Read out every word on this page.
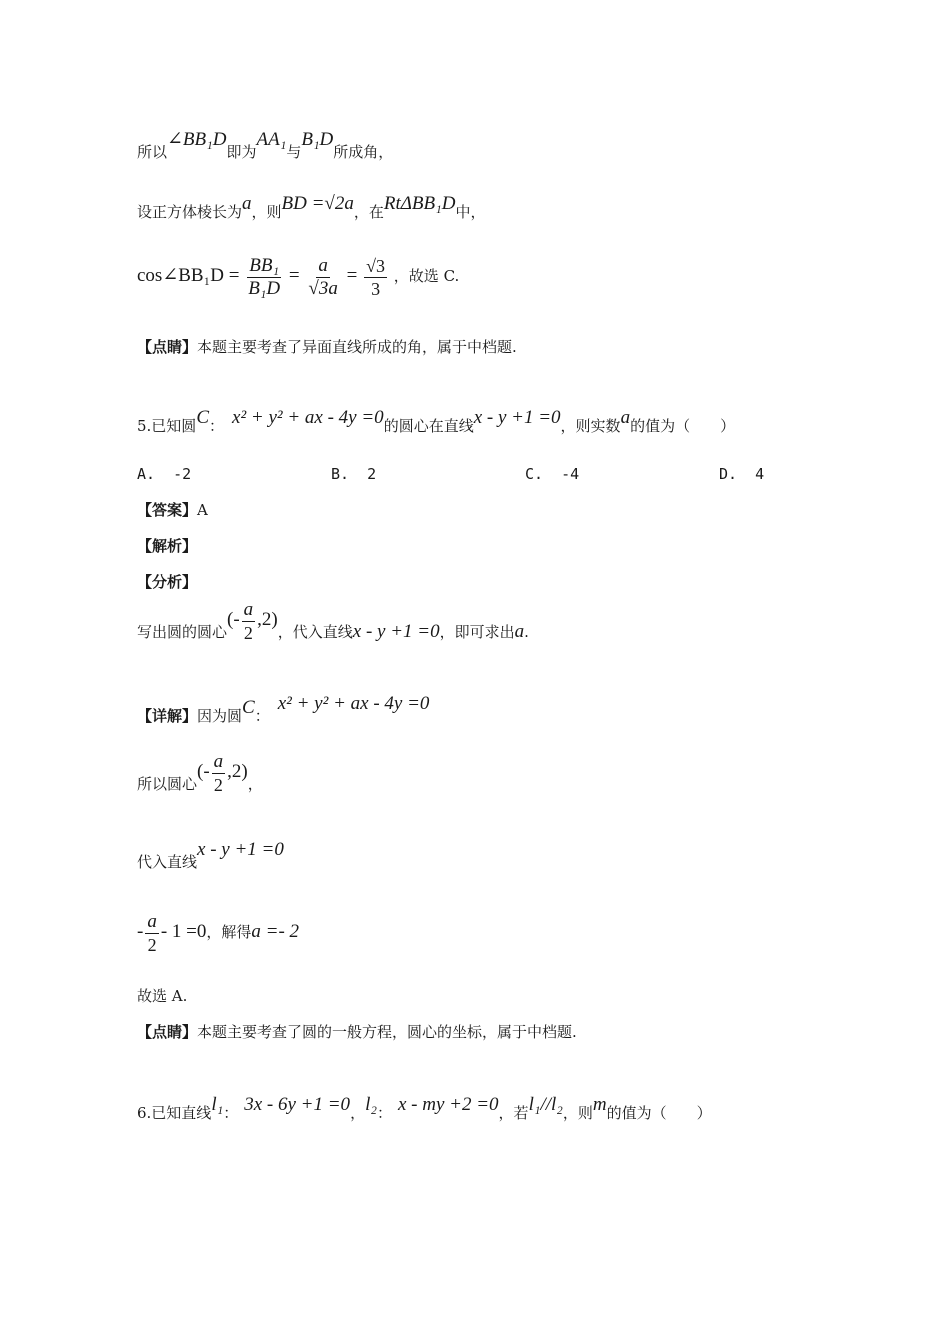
所以∠BB₁D即为AA₁与B₁D所成角，
设正方体棱长为a，则BD =√2a，在RtΔBB₁D中，
cos∠BB₁D = $\frac{\text{BB₁}}{\text{B₁D}} = \frac{a}{√3a} = \frac{√3}{3}$ ，故选 C.
【点睛】本题主要考查了异面直线所成的角，属于中档题.
5.已知圆C： x² + y² + ax - 4y =0的圆心在直线x - y +1 =0，则实数a的值为（　　）
A. -2	B. 2	C. -4	D. 4
【答案】A
【解析】
【分析】
写出圆的圆心(- $\frac{a}{2} ,2$)，代入直线x - y +1 =0，即可求出a.
【详解】因为圆C：x² + y² + ax - 4y =0
所以圆心(- $\frac{a}{2} ,2$)，
代入直线x - y +1 =0
- $\frac{a}{2} - 1 =0$，解得a =- 2
故选 A.
【点睛】本题主要考查了圆的一般方程，圆心的坐标，属于中档题.
6.已知直线l₁： 3x - 6y +1 =0，l₂： x - my +2 =0，若l₁//l₂，则m的值为（　　）
